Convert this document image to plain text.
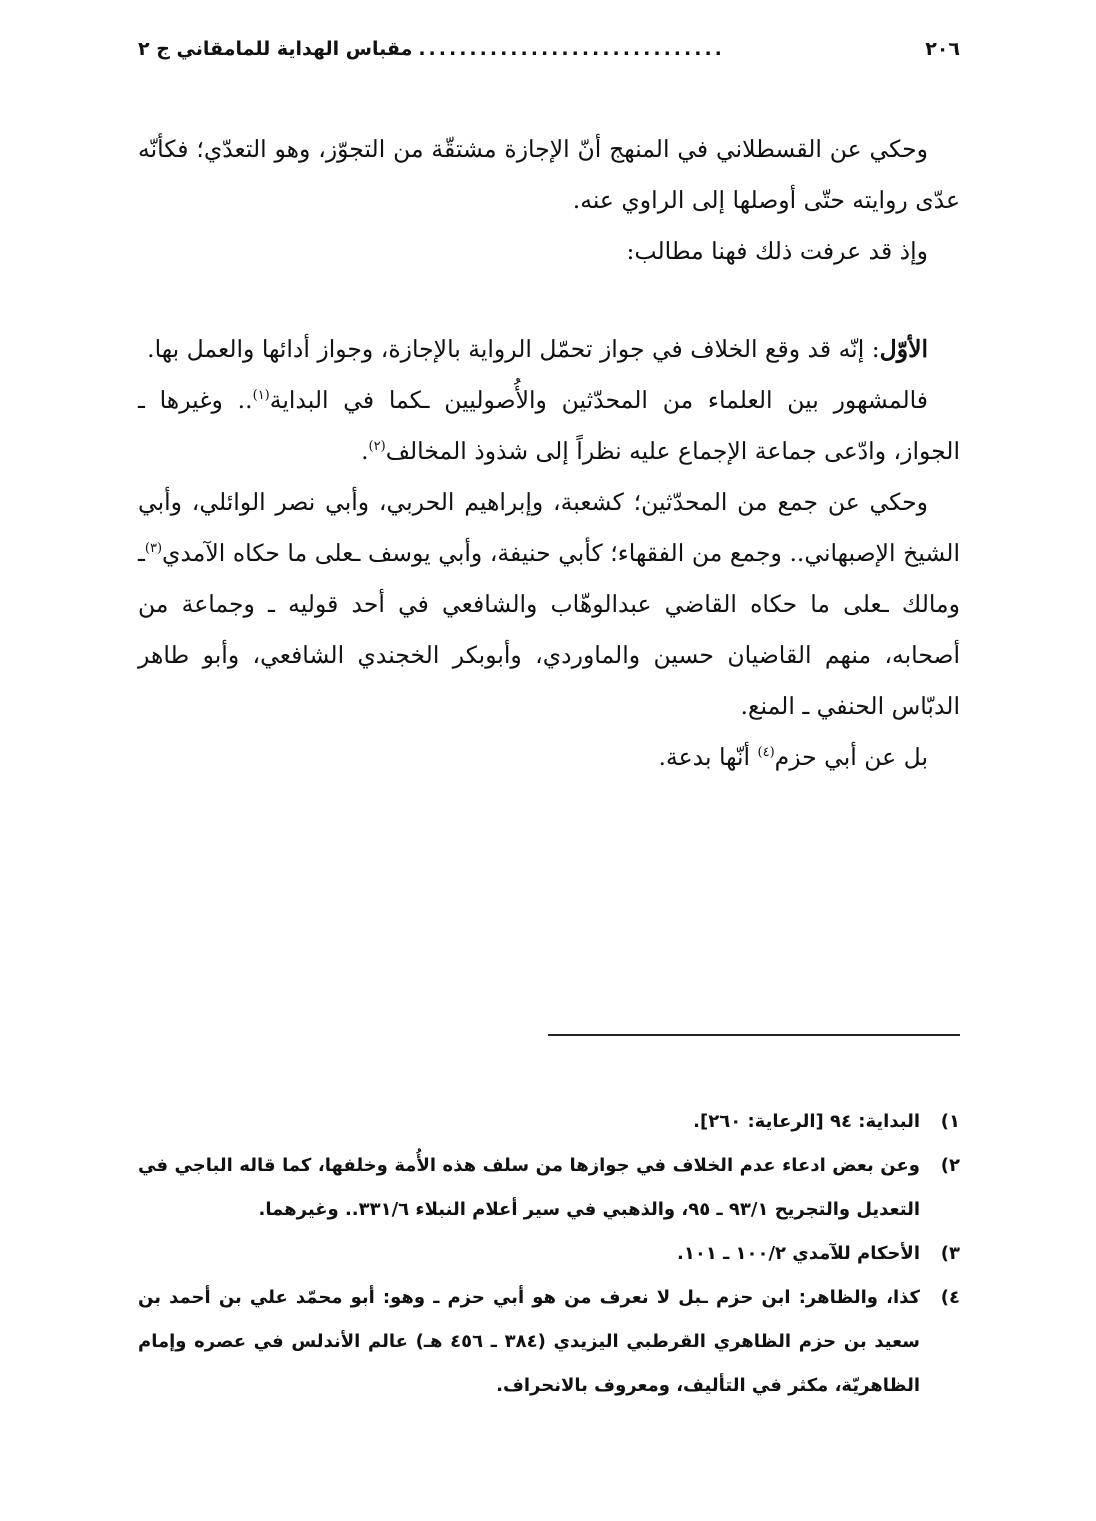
٢٠٦
..............................
مقباس الهداية للمامقاني ج ٢

وحكي عن القسطلاني في المنهج أنّ الإجازة مشتقّة من التجوّز، وهو التعدّي؛ فكأنّه عدّى روايته حتّى أوصلها إلى الراوي عنه.

وإذ قد عرفت ذلك فهنا مطالب:

الأوّل: إنّه قد وقع الخلاف في جواز تحمّل الرواية بالإجازة، وجواز أدائها والعمل بها.

فالمشهور بين العلماء من المحدّثين والأُصوليين ـكما في البداية$^{(١)}$.. وغيرها ـ الجواز، وادّعى جماعة الإجماع عليه نظراً إلى شذوذ المخالف$^{(٢)}$.

وحكي عن جمع من المحدّثين؛ كشعبة، وإبراهيم الحربي، وأبي نصر الوائلي، وأبي الشيخ الإصبهاني.. وجمع من الفقهاء؛ كأبي حنيفة، وأبي يوسف ـعلى ما حكاه الآمدي$^{(٣)}$ـ ومالك ـعلى ما حكاه القاضي عبدالوهّاب والشافعي في أحد قوليه ـ وجماعة من أصحابه، منهم القاضيان حسين والماوردي، وأبوبكر الخجندي الشافعي، وأبو طاهر الدبّاس الحنفي ـ المنع.

بل عن أبي حزم$^{(٤)}$ أنّها بدعة.

١)
البداية: ٩٤ [الرعاية: ٢٦٠].

٢)
وعن بعض ادعاء عدم الخلاف في جوازها من سلف هذه الأُمة وخلفها، كما قاله الباجي في التعديل والتجريح ٩٣/١ ـ ٩٥، والذهبي في سير أعلام النبلاء ٣٣١/٦.. وغيرهما.

٣)
الأحكام للآمدي ١٠٠/٢ ـ ١٠١.

٤)
كذا، والظاهر: ابن حزم ـبل لا نعرف من هو أبي حزم ـ وهو: أبو محمّد علي بن أحمد بن سعيد بن حزم الظاهري القرطبي اليزيدي (٣٨٤ ـ ٤٥٦ هـ) عالم الأندلس في عصره وإمام الظاهريّة، مكثر في التأليف، ومعروف بالانحراف.
